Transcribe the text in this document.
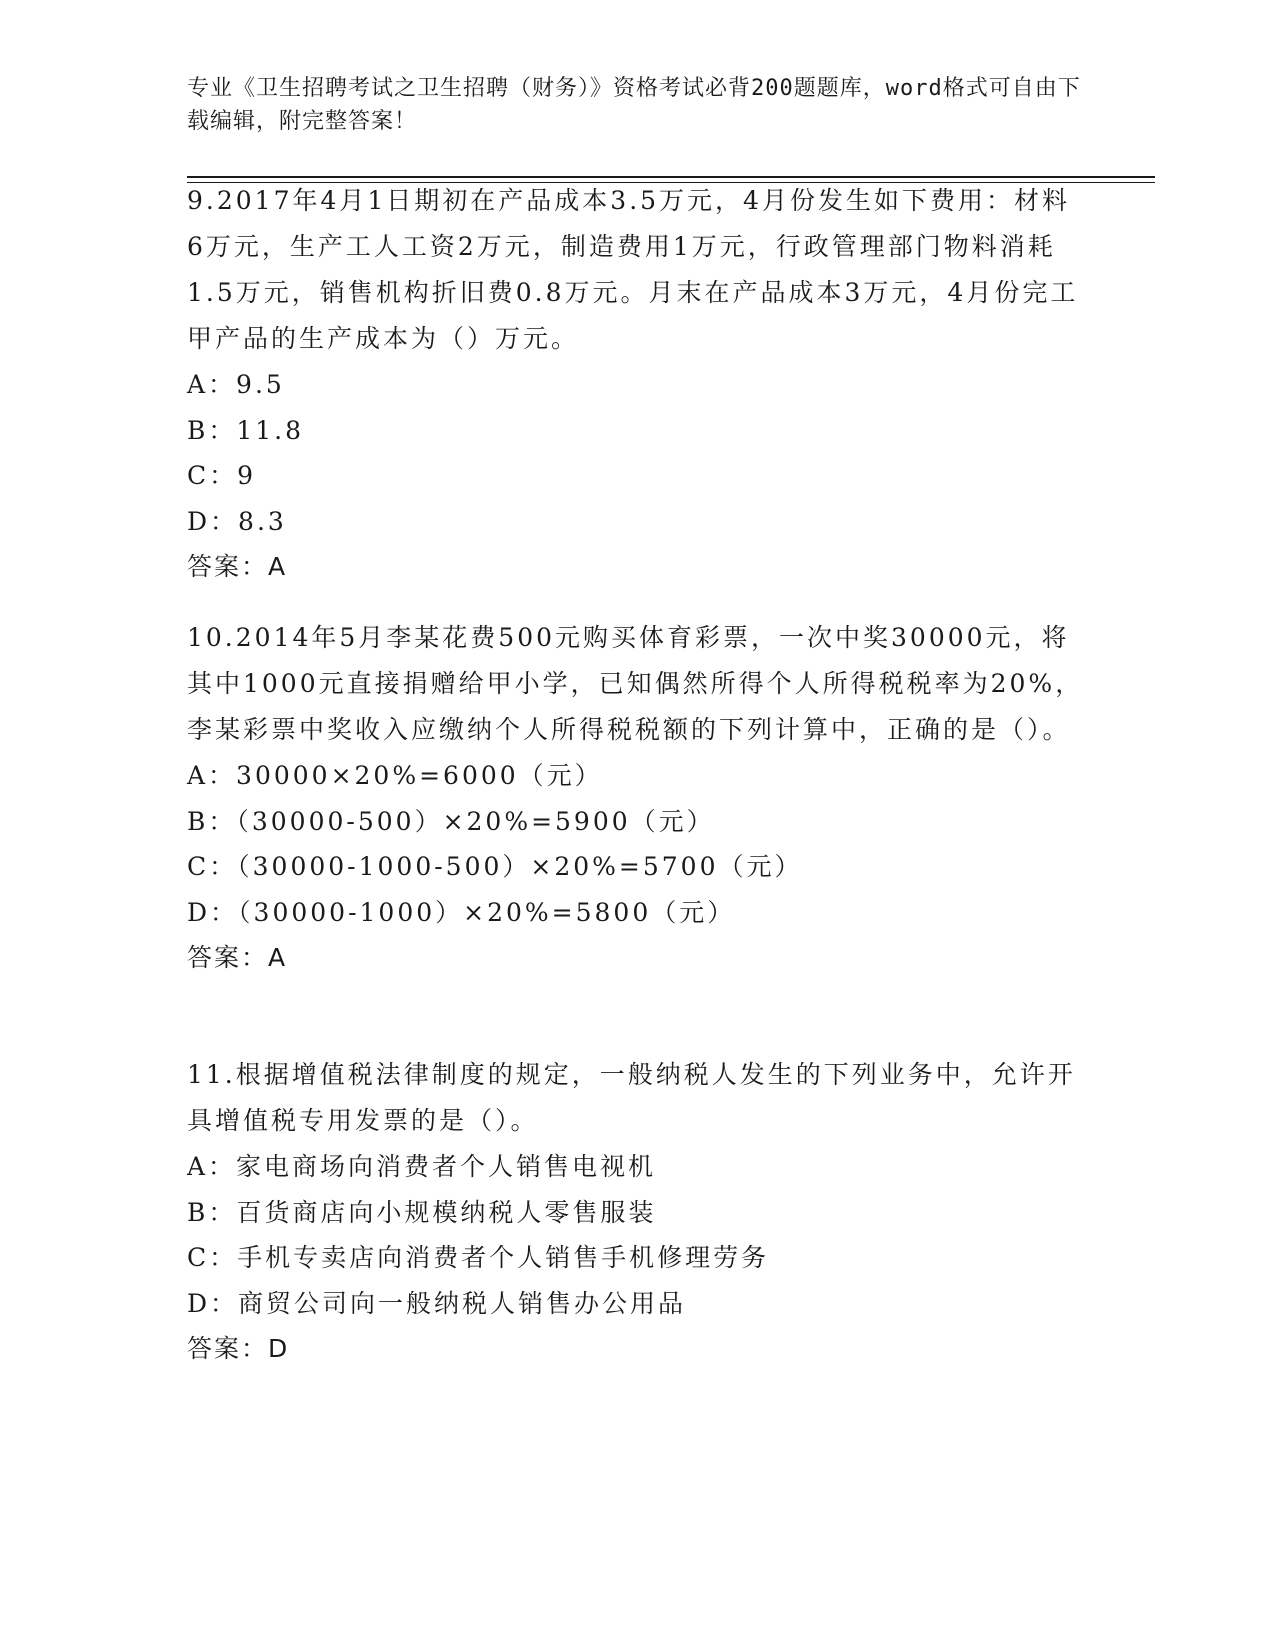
专业《卫生招聘考试之卫生招聘（财务）》资格考试必背200题题库，word格式可自由下载编辑，附完整答案！

9.2017年4月1日期初在产品成本3.5万元，4月份发生如下费用：材料6万元，生产工人工资2万元，制造费用1万元，行政管理部门物料消耗1.5万元，销售机构折旧费0.8万元。月末在产品成本3万元，4月份完工甲产品的生产成本为（）万元。

A：9.5

B：11.8

C：9

D：8.3

答案：A

10.2014年5月李某花费500元购买体育彩票，一次中奖30000元，将其中1000元直接捐赠给甲小学，已知偶然所得个人所得税税率为20%，李某彩票中奖收入应缴纳个人所得税税额的下列计算中，正确的是（）。

A：30000×20%=6000（元）

B：（30000-500）×20%=5900（元）

C：（30000-1000-500）×20%=5700（元）

D：（30000-1000）×20%=5800（元）

答案：A

11.根据增值税法律制度的规定，一般纳税人发生的下列业务中，允许开具增值税专用发票的是（）。

A：家电商场向消费者个人销售电视机

B：百货商店向小规模纳税人零售服装

C：手机专卖店向消费者个人销售手机修理劳务

D：商贸公司向一般纳税人销售办公用品

答案：D
